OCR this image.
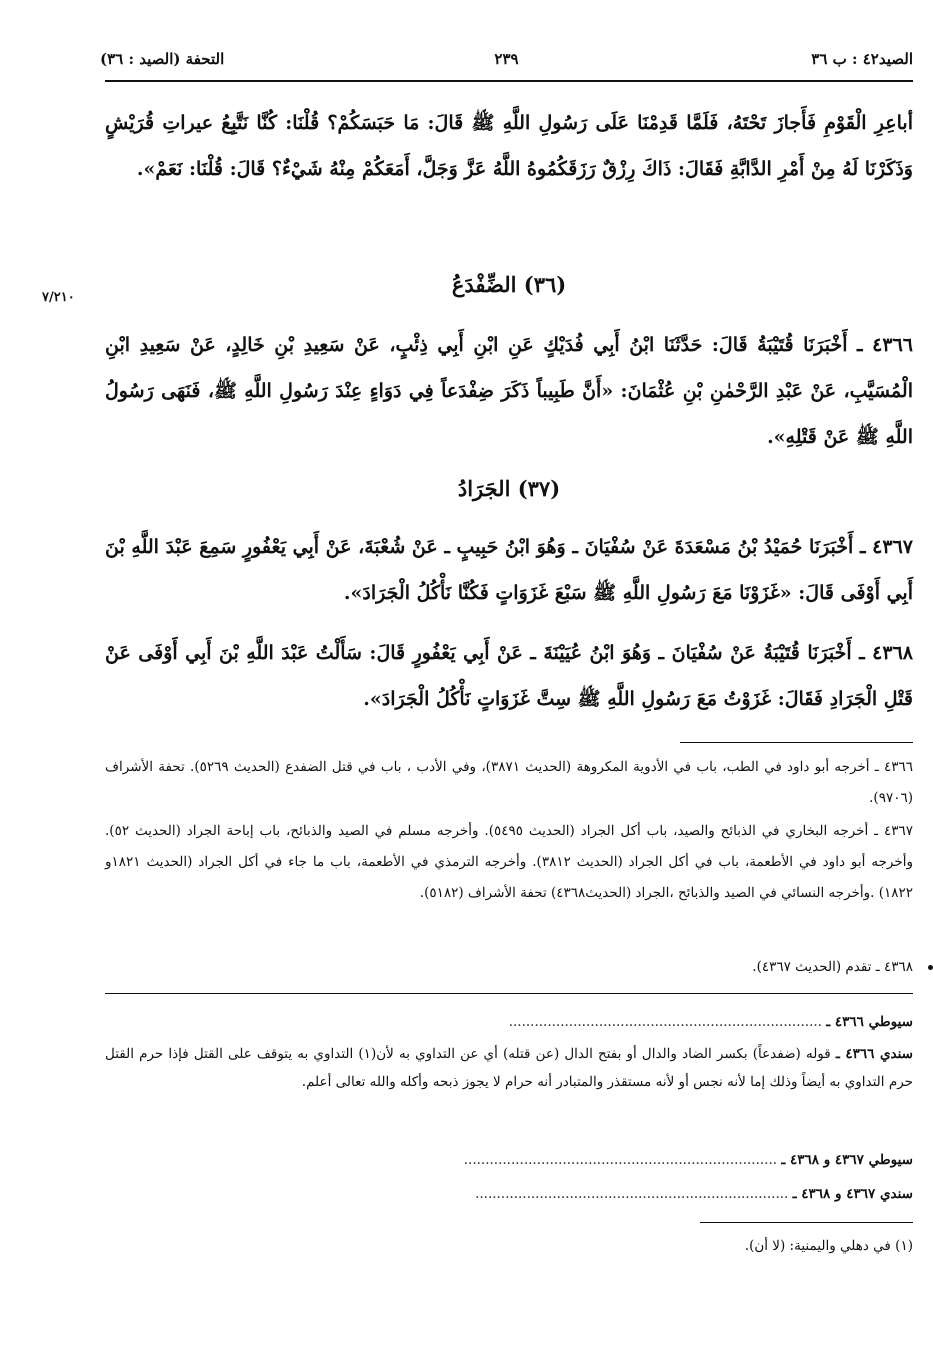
الصيد٤٢ : ب ٣٦
٢٣٩
التحفة (الصيد : ٣٦)
أباعِرِ الْقَوْمِ فَأَجازَ تَحْتَهُ، فَلَمَّا قَدِمْنَا عَلَى رَسُولِ اللَّهِ ﷺ قَالَ: مَا حَبَسَكُمْ؟ قُلْنَا: كُنَّا نَتَّبِعُ عيراتِ قُرَيْشٍ وَذَكَرْنَا لَهُ مِنْ أَمْرِ الدَّابَّةِ فَقَالَ: ذَاكَ رِزْقٌ رَزَقَكُمُوهُ اللَّهُ عَزَّ وَجَلَّ، أَمَعَكُمْ مِنْهُ شَيْءٌ؟ قَالَ: قُلْنَا: نَعَمْ».
٧/٢١٠
(٣٦) الضِّفْدَعُ
٤٣٦٦ ـ أَخْبَرَنَا قُتَيْبَةُ قَالَ: حَدَّثَنَا ابْنُ أَبِي فُدَيْكٍ عَنِ ابْنِ أَبِي ذِئْبٍ، عَنْ سَعِيدِ بْنِ خَالِدٍ، عَنْ سَعِيدِ ابْنِ الْمُسَيَّبِ، عَنْ عَبْدِ الرَّحْمٰنِ بْنِ عُثْمَانَ: «أَنَّ طَبِيباً ذَكَرَ ضِفْدَعاً فِي دَوَاءٍ عِنْدَ رَسُولِ اللَّهِ ﷺ، فَنَهَى رَسُولُ اللَّهِ ﷺ عَنْ قَتْلِهِ».
(٣٧) الجَرَادُ
٤٣٦٧ ـ أَخْبَرَنَا حُمَيْدُ بْنُ مَسْعَدَةَ عَنْ سُفْيَانَ ـ وَهُوَ ابْنُ حَبِيبٍ ـ عَنْ شُعْبَةَ، عَنْ أَبِي يَعْفُورٍ سَمِعَ عَبْدَ اللَّهِ بْنَ أَبِي أَوْفَى قَالَ: «غَزَوْنَا مَعَ رَسُولِ اللَّهِ ﷺ سَبْعَ غَزَوَاتٍ فَكُنَّا نَأْكُلُ الْجَرَادَ».
٤٣٦٨ ـ أَخْبَرَنَا قُتَيْبَةُ عَنْ سُفْيَانَ ـ وَهُوَ ابْنُ عُيَيْنَةَ ـ عَنْ أَبِي يَعْفُورٍ قَالَ: سَأَلْتُ عَبْدَ اللَّهِ بْنَ أَبِي أَوْفَى عَنْ قَتْلِ الْجَرَادِ فَقَالَ: غَزَوْتُ مَعَ رَسُولِ اللَّهِ ﷺ سِتَّ غَزَوَاتٍ نَأْكُلُ الْجَرَادَ».
٤٣٦٦ ـ أخرجه أبو داود في الطب، باب في الأدوية المكروهة (الحديث ٣٨٧١)، وفي الأدب ، باب في قتل الضفدع (الحديث ٥٢٦٩). تحفة الأشراف (٩٧٠٦).
٤٣٦٧ ـ أخرجه البخاري في الذبائح والصيد، باب أكل الجراد (الحديث ٥٤٩٥). وأخرجه مسلم في الصيد والذبائح، باب إباحة الجراد (الحديث ٥٢). وأخرجه أبو داود في الأطعمة، باب في أكل الجراد (الحديث ٣٨١٢). وأخرجه الترمذي في الأطعمة، باب ما جاء في أكل الجراد (الحديث ١٨٢١و ١٨٢٢) .وأخرجه النسائي في الصيد والذبائح ،الجراد (الحديث٤٣٦٨) تحفة الأشراف (٥١٨٢).
٤٣٦٨ ـ تقدم (الحديث ٤٣٦٧).
سيوطي ٤٣٦٦ ـ .........................................................................
سندي ٤٣٦٦ ـ قوله (ضفدعاً) بكسر الضاد والدال أو بفتح الدال (عن قتله) أي عن التداوي به لأن(١) التداوي به يتوقف على القتل فإذا حرم القتل حرم التداوي به أيضاً وذلك إما لأنه نجس أو لأنه مستقذر والمتبادر أنه حرام لا يجوز ذبحه وأكله والله تعالى أعلم.
سيوطي ٤٣٦٧ و ٤٣٦٨ ـ .........................................................................
سندي ٤٣٦٧ و ٤٣٦٨ ـ .........................................................................
(١) في دهلي واليمنية: (لا أن).
